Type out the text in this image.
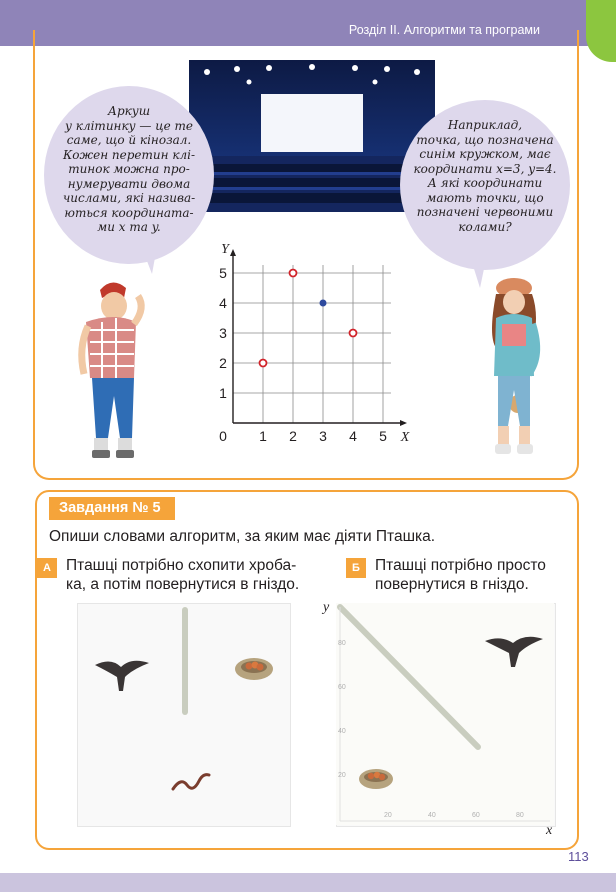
Розділ ІІ. Алгоритми та програми
Аркуш
у клітинку — це те
саме, що й кінозал.
Кожен перетин клі-
тинок можна про-
нумерувати двома
числами, які назива-
ються координата-
ми x та y.
Наприклад,
точка, що позначена
синім кружком, має
координати x=3, y=4.
А які координати
мають точки, що
позначені червоними
колами?
0 1 2 3 4 5
1
2
3
4
5
X
Y
Завдання № 5
Опиши словами алгоритм, за яким має діяти Пташка.
А Пташці потрібно схопити хроба-
ка, а потім повернутися в гніздо.
Б Пташці потрібно просто
повернутися в гніздо.
20	40	60	80
80
60
40
20
y
x
113
